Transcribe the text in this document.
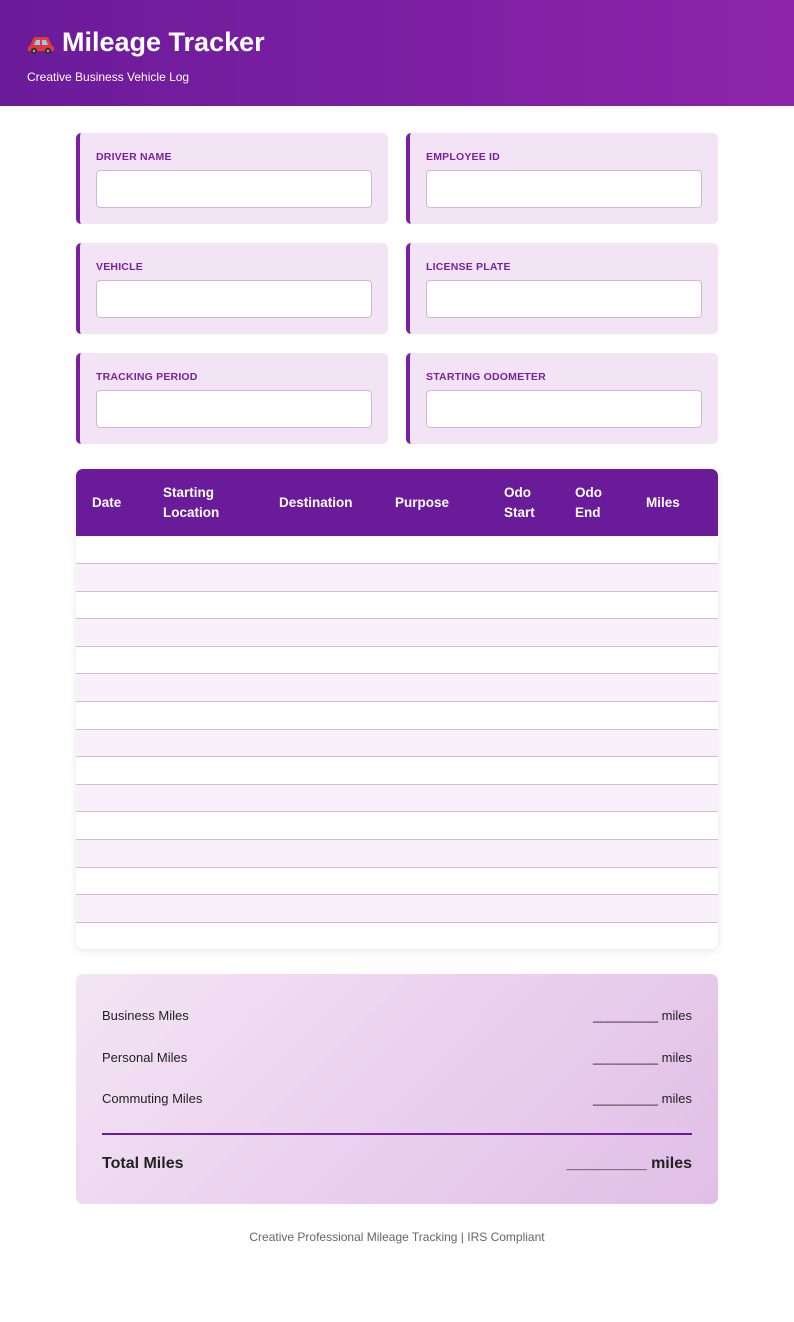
Mileage Tracker
Creative Business Vehicle Log
DRIVER NAME	EMPLOYEE ID
VEHICLE	LICENSE PLATE
TRACKING PERIOD	STARTING ODOMETER
Date	Starting Location	Destination	Purpose	Odo Start	Odo End	Miles

Business Miles	_________ miles
Personal Miles	_________ miles
Commuting Miles	_________ miles
Total Miles	_________ miles
Creative Professional Mileage Tracking | IRS Compliant
